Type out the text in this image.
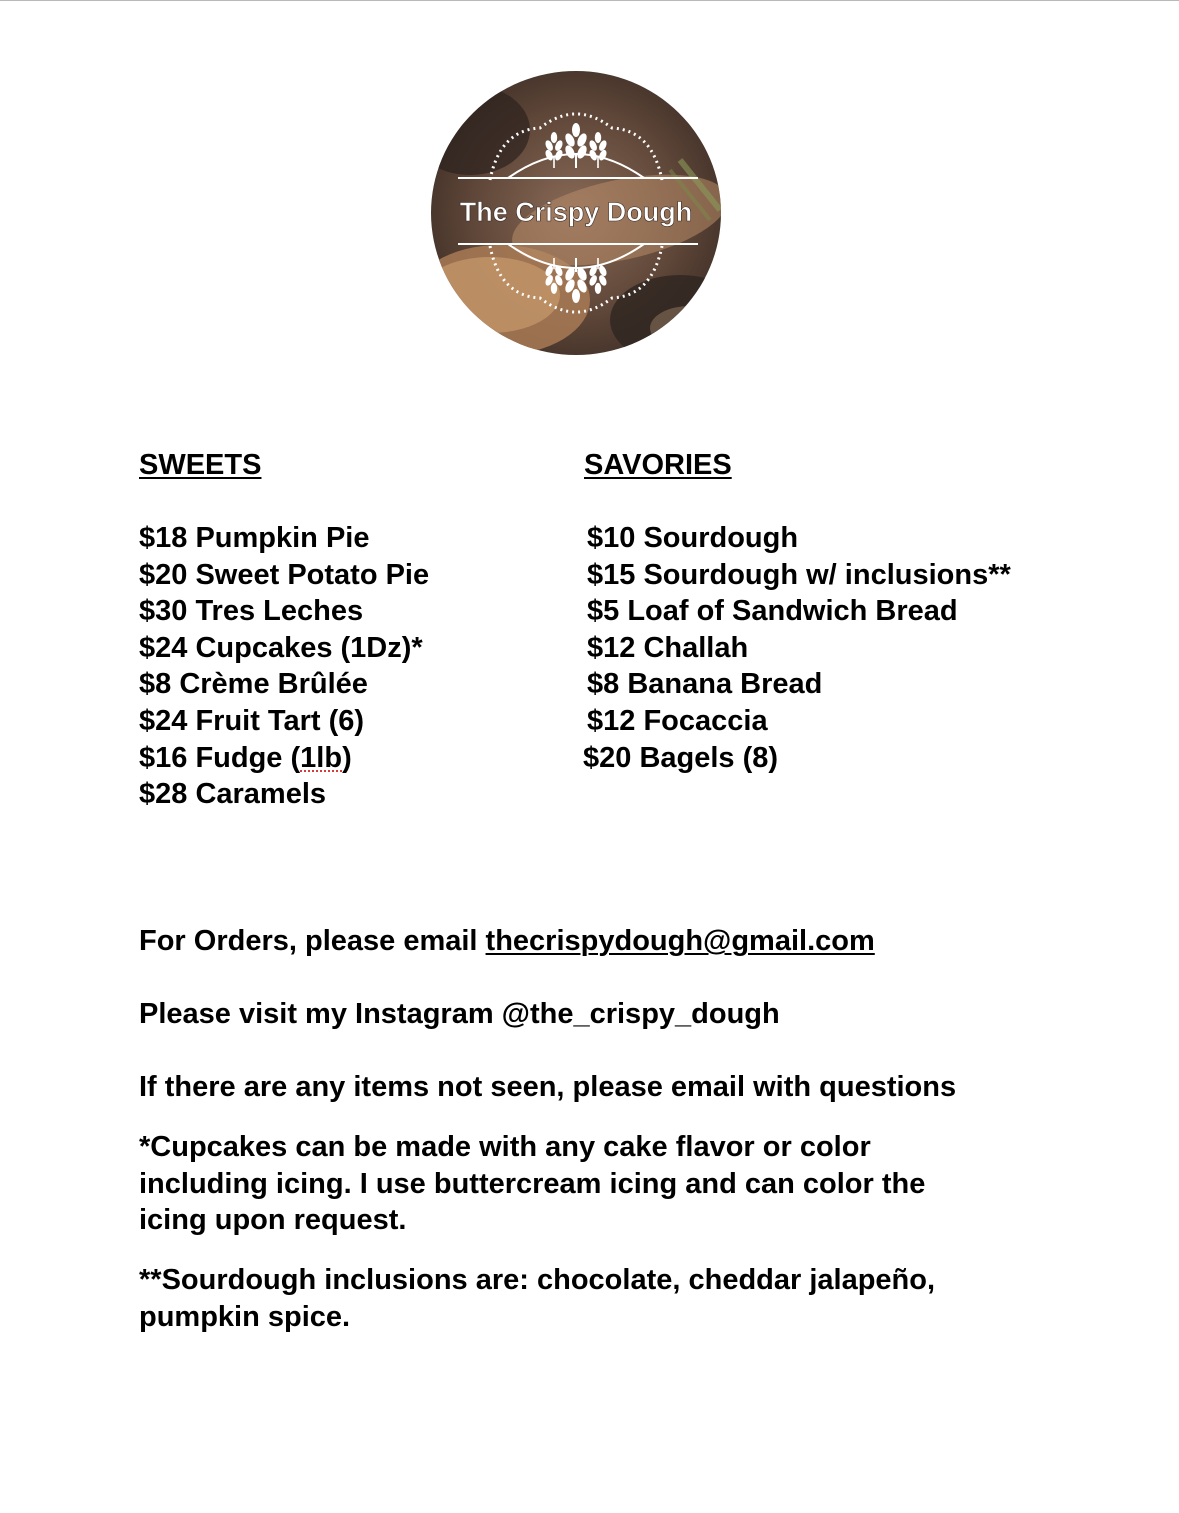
The Crispy Dough
SWEETS
$18 Pumpkin Pie
$20 Sweet Potato Pie
$30 Tres Leches
$24 Cupcakes (1Dz)*
$8 Crème Brûlée
$24 Fruit Tart (6)
$16 Fudge (1lb)
$28 Caramels
SAVORIES
$10 Sourdough
$15 Sourdough w/ inclusions**
$5 Loaf of Sandwich Bread
$12 Challah
$8 Banana Bread
$12 Focaccia
$20 Bagels (8)

For Orders, please email thecrispydough@gmail.com

Please visit my Instagram @the_crispy_dough

If there are any items not seen, please email with questions

*Cupcakes can be made with any cake flavor or color
including icing. I use buttercream icing and can color the
icing upon request.
**Sourdough inclusions are: chocolate, cheddar jalapeño,
pumpkin spice.
